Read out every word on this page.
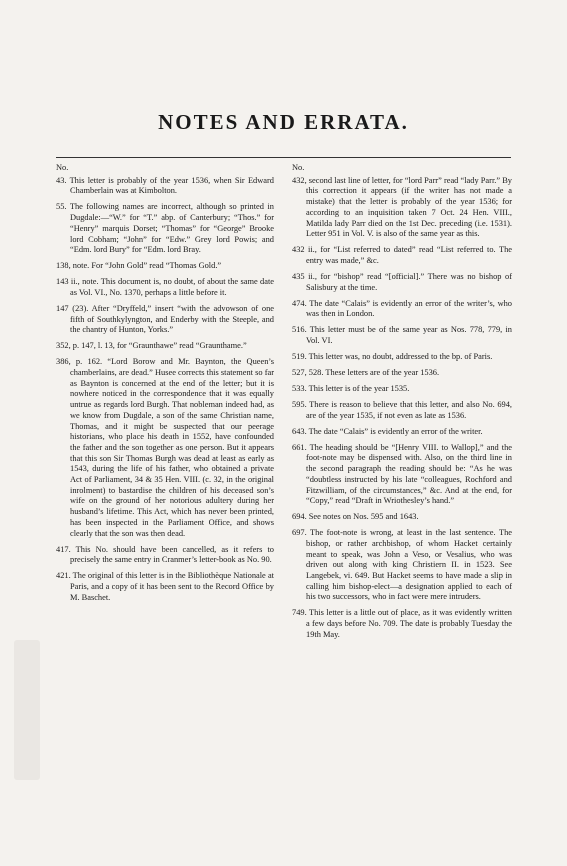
NOTES AND ERRATA.
No.

43. This letter is probably of the year 1536, when Sir Edward Chamberlain was at Kimbolton.

55. The following names are incorrect, although so printed in Dugdale:—“W.” for “T.” abp. of Canterbury; “Thos.” for “Henry” marquis Dorset; “Thomas” for “George” Brooke lord Cobham; “John” for “Edw.” Grey lord Powis; and “Edm. lord Bury” for “Edm. lord Bray.

138, note. For “John Gold” read “Thomas Gold.”

143 ii., note. This document is, no doubt, of about the same date as Vol. VI., No. 1370, perhaps a little before it.

147 (23). After “Dryffeld,” insert “with the advowson of one fifth of Southkylyngton, and Enderby with the Steeple, and the chantry of Hunton, Yorks.”

352, p. 147, l. 13, for “Graunthawe” read “Graunthame.”

386, p. 162. “Lord Borow and Mr. Baynton, the Queen’s chamberlains, are dead.” Husee corrects this statement so far as Baynton is concerned at the end of the letter; but it is nowhere noticed in the correspondence that it was equally untrue as regards lord Burgh. That nobleman indeed had, as we know from Dugdale, a son of the same Christian name, Thomas, and it might be suspected that our peerage historians, who place his death in 1552, have confounded the father and the son together as one person. But it appears that this son Sir Thomas Burgh was dead at least as early as 1543, during the life of his father, who obtained a private Act of Parliament, 34 & 35 Hen. VIII. (c. 32, in the original inrolment) to bastardise the children of his deceased son’s wife on the ground of her notorious adultery during her husband’s lifetime. This Act, which has never been printed, has been inspected in the Parliament Office, and shows clearly that the son was then dead.

417. This No. should have been cancelled, as it refers to precisely the same entry in Cranmer’s letter-book as No. 90.

421. The original of this letter is in the Bibliothèque Nationale at Paris, and a copy of it has been sent to the Record Office by M. Baschet.

No.

432, second last line of letter, for “lord Parr” read “lady Parr.” By this correction it appears (if the writer has not made a mistake) that the letter is probably of the year 1536; for according to an inquisition taken 7 Oct. 24 Hen. VIII., Matilda lady Parr died on the 1st Dec. preceding (i.e. 1531). Letter 951 in Vol. V. is also of the same year as this.

432 ii., for “List referred to dated” read “List referred to. The entry was made,” &c.

435 ii., for “bishop” read “[official].” There was no bishop of Salisbury at the time.

474. The date “Calais” is evidently an error of the writer’s, who was then in London.

516. This letter must be of the same year as Nos. 778, 779, in Vol. VI.

519. This letter was, no doubt, addressed to the bp. of Paris.

527, 528. These letters are of the year 1536.

533. This letter is of the year 1535.

595. There is reason to believe that this letter, and also No. 694, are of the year 1535, if not even as late as 1536.

643. The date “Calais” is evidently an error of the writer.

661. The heading should be “[Henry VIII. to Wallop],” and the foot-note may be dispensed with. Also, on the third line in the second paragraph the reading should be: “As he was “doubtless instructed by his late “colleagues, Rochford and Fitzwilliam, of the circumstances,” &c. And at the end, for “Copy,” read “Draft in Wriothesley’s hand.”

694. See notes on Nos. 595 and 1643.

697. The foot-note is wrong, at least in the last sentence. The bishop, or rather archbishop, of whom Hacket certainly meant to speak, was John a Veso, or Vesalius, who was driven out along with king Christiern II. in 1523. See Langebek, vi. 649. But Hacket seems to have made a slip in calling him bishop-elect—a designation applied to each of his two successors, who in fact were mere intruders.

749. This letter is a little out of place, as it was evidently written a few days before No. 709. The date is probably Tuesday the 19th May.
